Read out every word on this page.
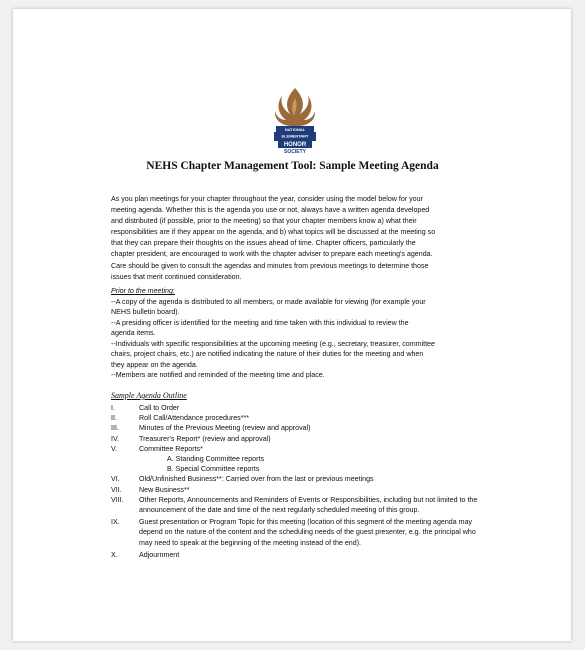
NATIONAL
ELEMENTARY
HONOR
SOCIETY
NEHS Chapter Management Tool: Sample Meeting Agenda
As you plan meetings for your chapter throughout the year, consider using the model below for your
meeting agenda. Whether this is the agenda you use or not, always have a written agenda developed
and distributed (if possible, prior to the meeting) so that your chapter members know a) what their
responsibilities are if they appear on the agenda, and b) what topics will be discussed at the meeting so
that they can prepare their thoughts on the issues ahead of time. Chapter officers, particularly the
chapter president, are encouraged to work with the chapter adviser to prepare each meeting's agenda.
Care should be given to consult the agendas and minutes from previous meetings to determine those
issues that merit continued consideration.
Prior to the meeting:
--A copy of the agenda is distributed to all members, or made available for viewing (for example your
NEHS bulletin board).
--A presiding officer is identified for the meeting and time taken with this individual to review the
agenda items.
--Individuals with specific responsibilities at the upcoming meeting (e.g., secretary, treasurer, committee
chairs, project chairs, etc.) are notified indicating the nature of their duties for the meeting and when
they appear on the agenda.
--Members are notified and reminded of the meeting time and place.
Sample Agenda Outline
I.	Call to Order
II.	Roll Call/Attendance procedures***
III.	Minutes of the Previous Meeting (review and approval)
IV.	Treasurer's Report* (review and approval)
V.	Committee Reports*
A. Standing Committee reports
B. Special Committee reports
VI.	Old/Unfinished Business**: Carried over from the last or previous meetings
VII.	New Business**
VIII.	Other Reports, Announcements and Reminders of Events or Responsibilities, including but not limited to the announcement of the date and time of the next regularly scheduled meeting of this group.
IX.	Guest presentation or Program Topic for this meeting (location of this segment of the meeting agenda may depend on the nature of the content and the scheduling needs of the guest presenter, e.g. the principal who may need to speak at the beginning of the meeting instead of the end).
X.	Adjournment
